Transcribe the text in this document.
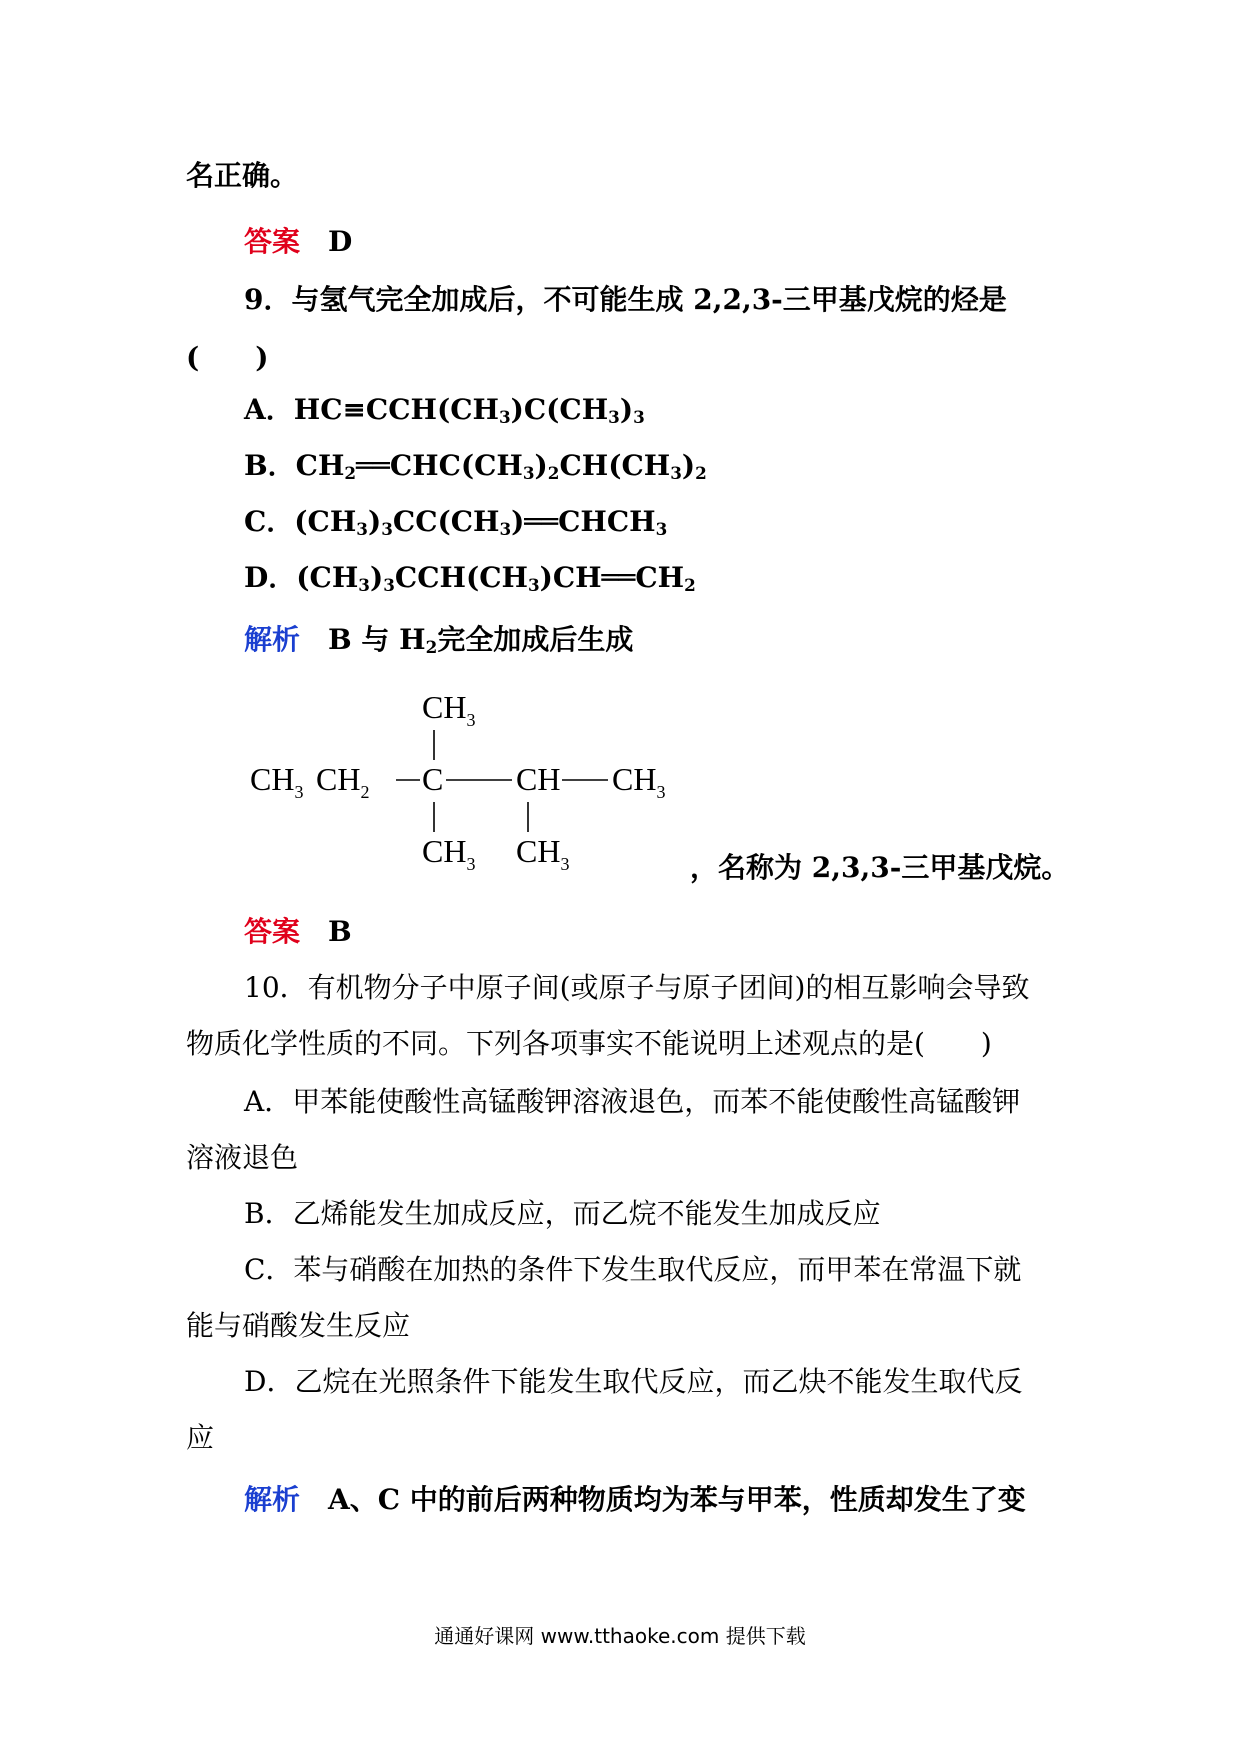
名正确。
答案 D
9．与氢气完全加成后，不可能生成 2,2,3-三甲基戊烷的烃是
(　　)
A．$HC\equiv CCH(CH_3)C(CH_3)_3$
B．$CH_2══CHC(CH_3)_2CH(CH_3)_2$
C．$(CH_3)_3CC(CH_3)══CHCH_3$
D．$(CH_3)_3CCH(CH_3)CH══CH_2$
解析 B 与 $H_2$完全加成后生成
$CH_3$
$CH_3$ $CH_2$ C CH $CH_3$
$CH_3$ $CH_3$	，名称为 2,3,3-三甲基戊烷。
答案 B
10．有机物分子中原子间(或原子与原子团间)的相互影响会导致
物质化学性质的不同。下列各项事实不能说明上述观点的是(　　)
A．甲苯能使酸性高锰酸钾溶液退色，而苯不能使酸性高锰酸钾
溶液退色
B．乙烯能发生加成反应，而乙烷不能发生加成反应
C．苯与硝酸在加热的条件下发生取代反应，而甲苯在常温下就
能与硝酸发生反应
D．乙烷在光照条件下能发生取代反应，而乙炔不能发生取代反
应
解析 A、C 中的前后两种物质均为苯与甲苯，性质却发生了变
通通好课网 www.tthaoke.com 提供下载
